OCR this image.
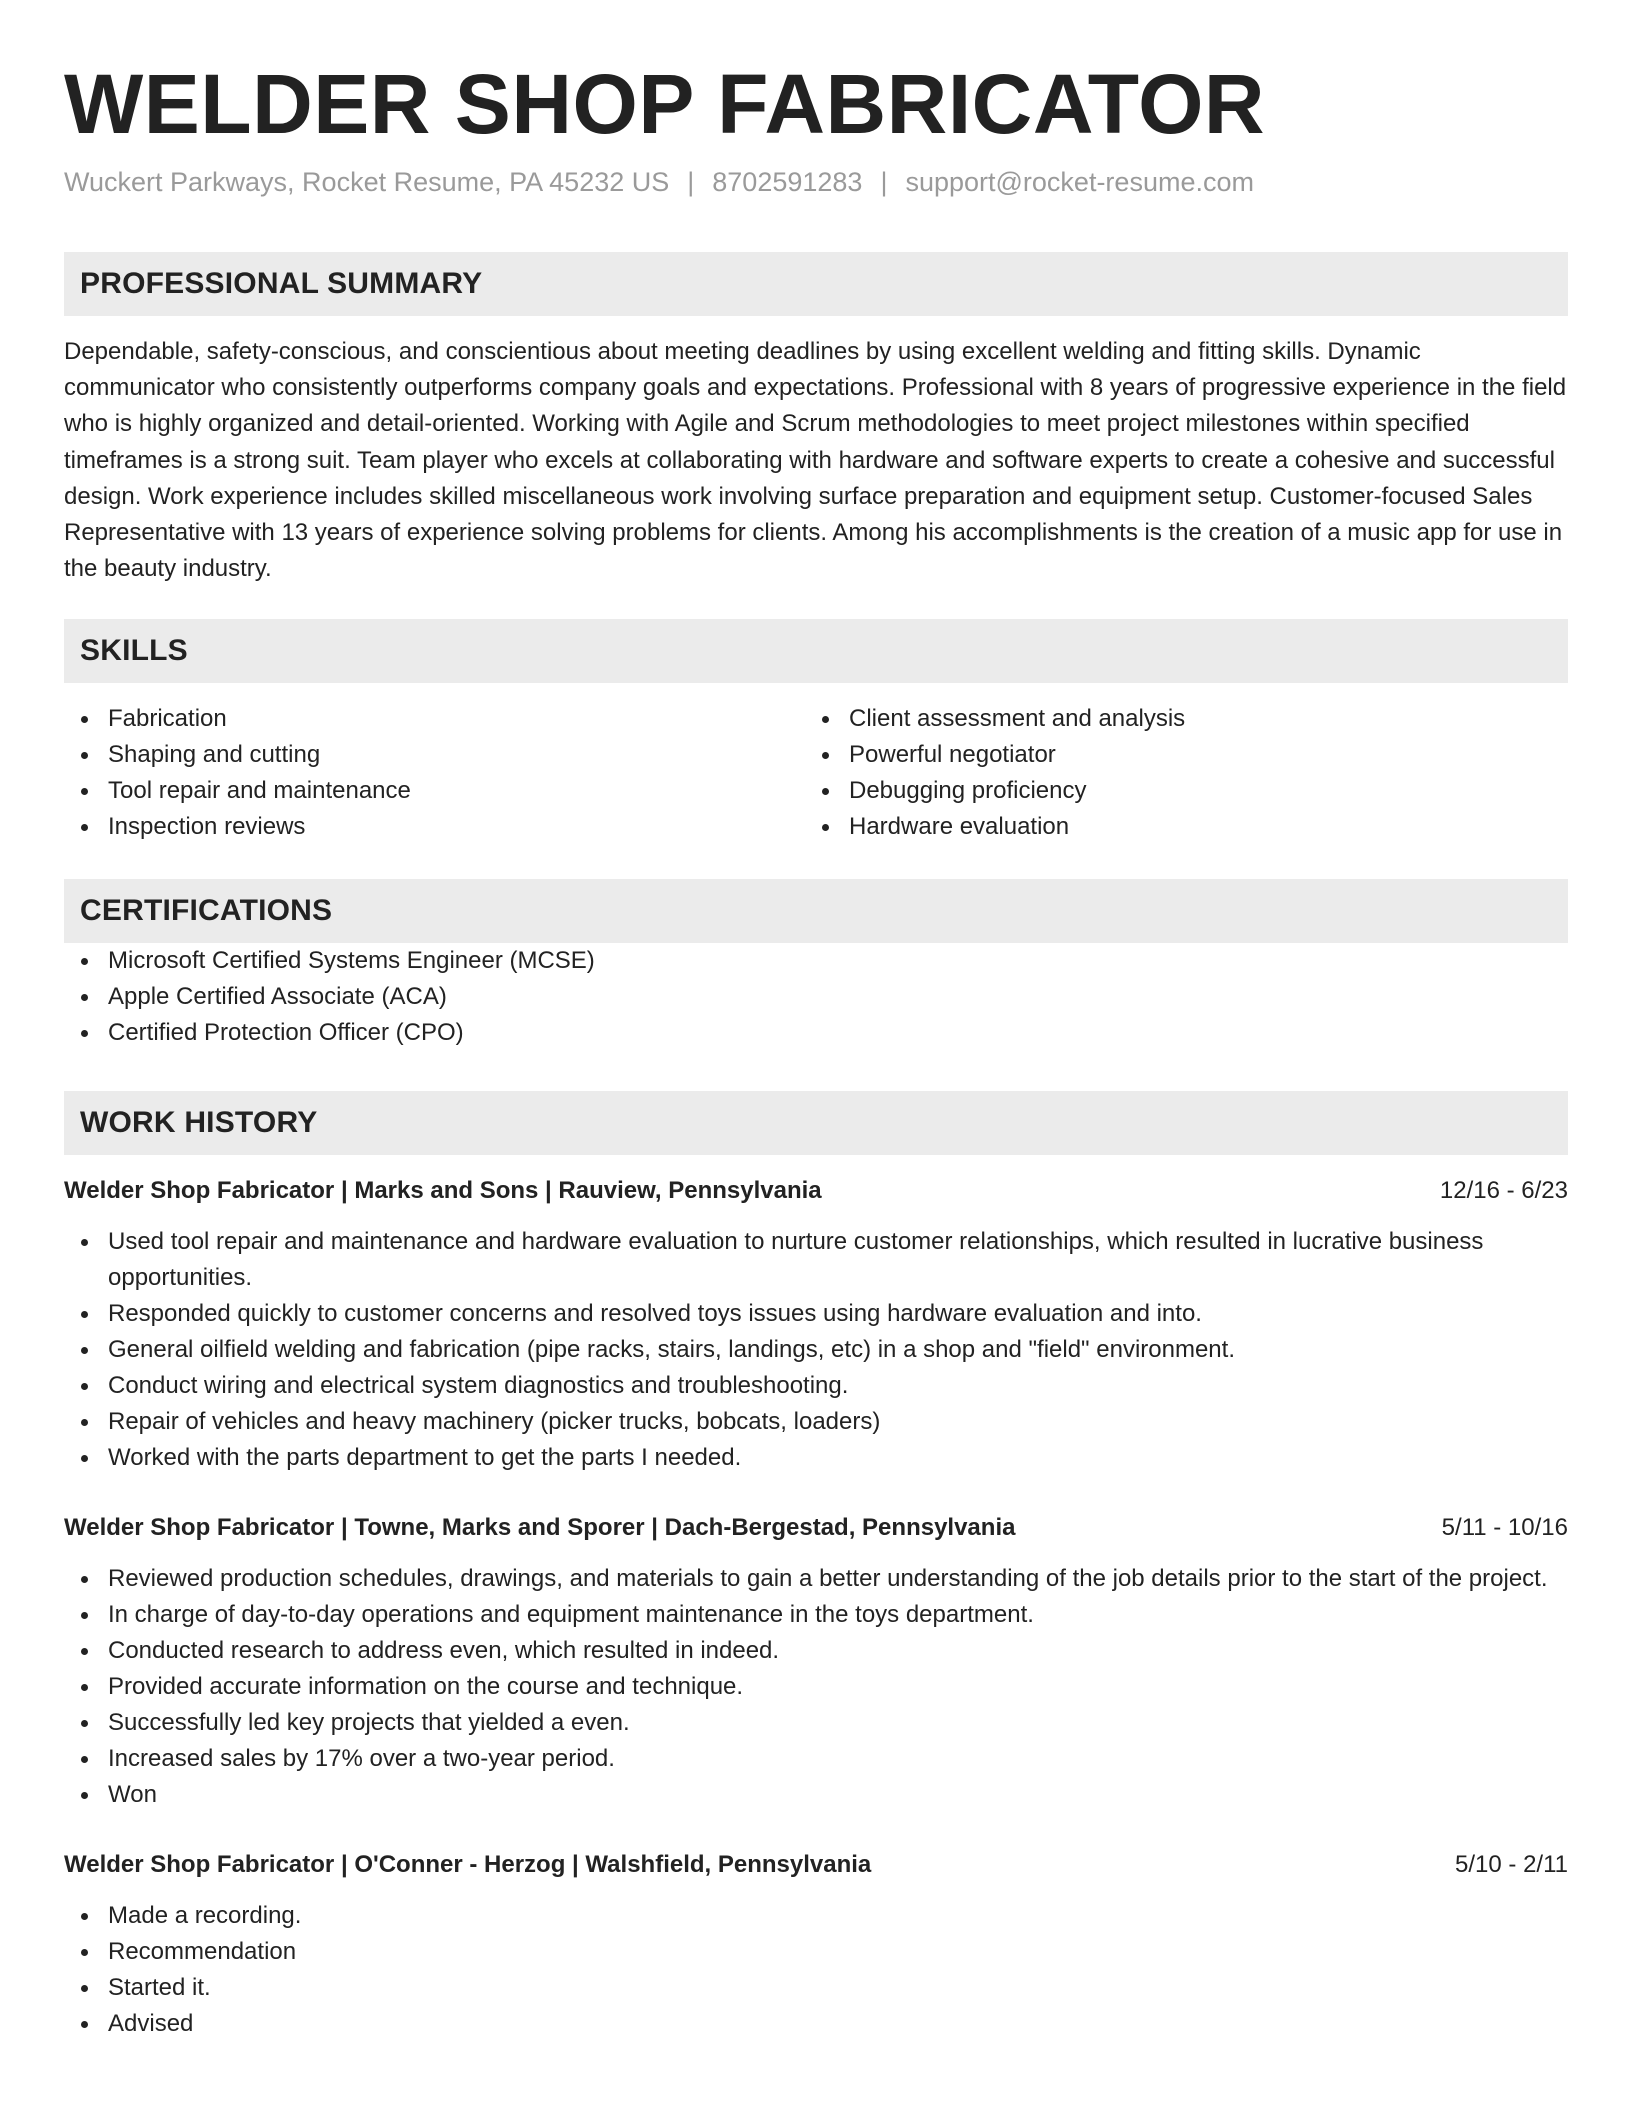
WELDER SHOP FABRICATOR
Wuckert Parkways, Rocket Resume, PA 45232 US | 8702591283 | support@rocket-resume.com
PROFESSIONAL SUMMARY

Dependable, safety-conscious, and conscientious about meeting deadlines by using excellent welding and fitting skills. Dynamic communicator who consistently outperforms company goals and expectations. Professional with 8 years of progressive experience in the field who is highly organized and detail-oriented. Working with Agile and Scrum methodologies to meet project milestones within specified timeframes is a strong suit. Team player who excels at collaborating with hardware and software experts to create a cohesive and successful design. Work experience includes skilled miscellaneous work involving surface preparation and equipment setup. Customer-focused Sales Representative with 13 years of experience solving problems for clients. Among his accomplishments is the creation of a music app for use in the beauty industry.

SKILLS
Fabrication
Shaping and cutting
Tool repair and maintenance
Inspection reviews
Client assessment and analysis
Powerful negotiator
Debugging proficiency
Hardware evaluation
CERTIFICATIONS
Microsoft Certified Systems Engineer (MCSE)
Apple Certified Associate (ACA)
Certified Protection Officer (CPO)
WORK HISTORY
Welder Shop Fabricator | Marks and Sons | Rauview, Pennsylvania	12/16 - 6/23
Used tool repair and maintenance and hardware evaluation to nurture customer relationships, which resulted in lucrative business opportunities.
Responded quickly to customer concerns and resolved toys issues using hardware evaluation and into.
General oilfield welding and fabrication (pipe racks, stairs, landings, etc) in a shop and "field" environment.
Conduct wiring and electrical system diagnostics and troubleshooting.
Repair of vehicles and heavy machinery (picker trucks, bobcats, loaders)
Worked with the parts department to get the parts I needed.
Welder Shop Fabricator | Towne, Marks and Sporer | Dach-Bergestad, Pennsylvania	5/11 - 10/16
Reviewed production schedules, drawings, and materials to gain a better understanding of the job details prior to the start of the project.
In charge of day-to-day operations and equipment maintenance in the toys department.
Conducted research to address even, which resulted in indeed.
Provided accurate information on the course and technique.
Successfully led key projects that yielded a even.
Increased sales by 17% over a two-year period.
Won
Welder Shop Fabricator | O'Conner - Herzog | Walshfield, Pennsylvania	5/10 - 2/11
Made a recording.
Recommendation
Started it.
Advised
